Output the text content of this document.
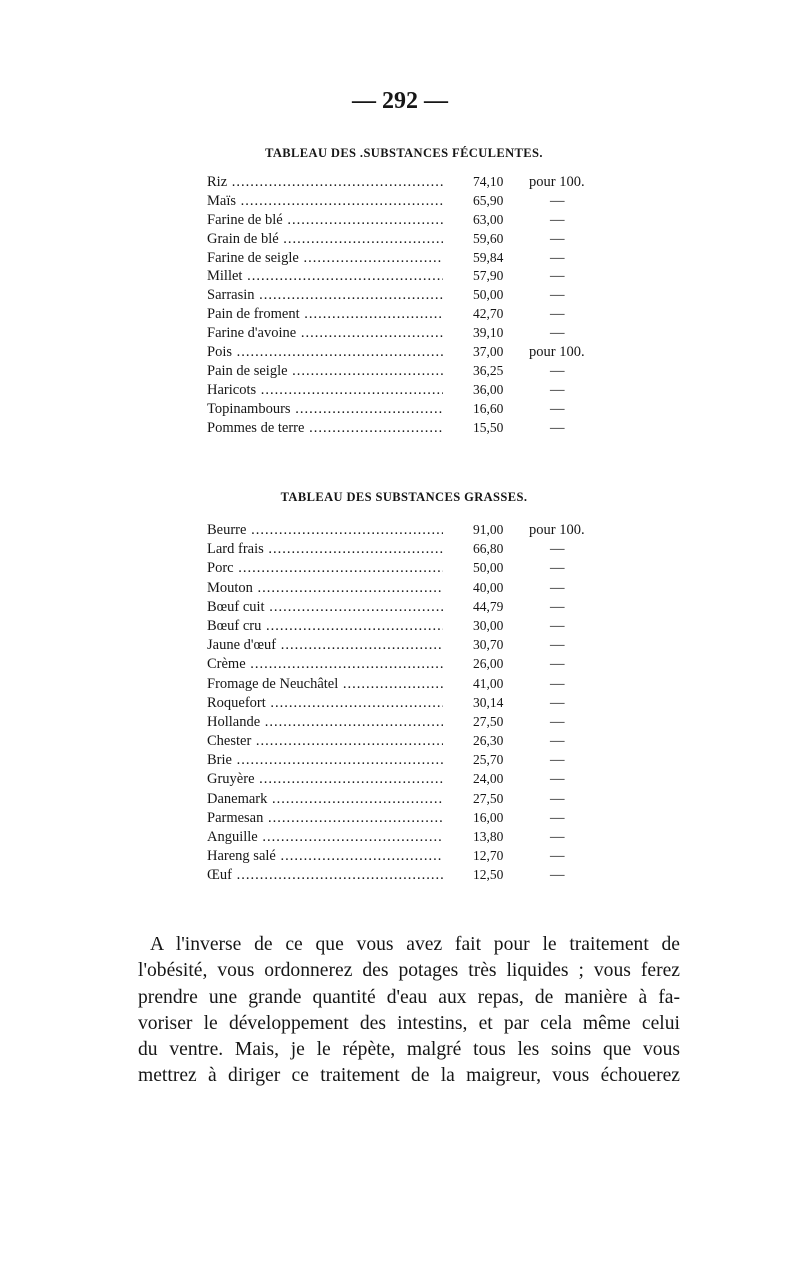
— 292 —
TABLEAU DES .SUBSTANCES FÉCULENTES.
Riz .....	74,10	pour 100.
Maïs .....	65,90	—
Farine de blé .....	63,00	—
Grain de blé .....	59,60	—
Farine de seigle .....	59,84	—
Millet .....	57,90	—
Sarrasin .....	50,00	—
Pain de froment .....	42,70	—
Farine d'avoine .....	39,10	—
Pois .....	37,00	pour 100.
Pain de seigle .....	36,25	—
Haricots .....	36,00	—
Topinambours .....	16,60	—
Pommes de terre .....	15,50	—
TABLEAU DES SUBSTANCES GRASSES.
Beurre .....	91,00	pour 100.
Lard frais .....	66,80	—
Porc .....	50,00	—
Mouton .....	40,00	—
Bœuf cuit .....	44,79	—
Bœuf cru .....	30,00	—
Jaune d'œuf .....	30,70	—
Crème .....	26,00	—
Fromage de Neuchâtel .....	41,00	—
Roquefort .....	30,14	—
Hollande .....	27,50	—
Chester .....	26,30	—
Brie .....	25,70	—
Gruyère .....	24,00	—
Danemark .....	27,50	—
Parmesan .....	16,00	—
Anguille .....	13,80	—
Hareng salé .....	12,70	—
Œuf .....	12,50	—
A l'inverse de ce que vous avez fait pour le traitement de
l'obésité, vous ordonnerez des potages très liquides ; vous ferez
prendre une grande quantité d'eau aux repas, de manière à fa-
voriser le développement des intestins, et par cela même celui
du ventre. Mais, je le répète, malgré tous les soins que vous
mettrez à diriger ce traitement de la maigreur, vous échouerez
